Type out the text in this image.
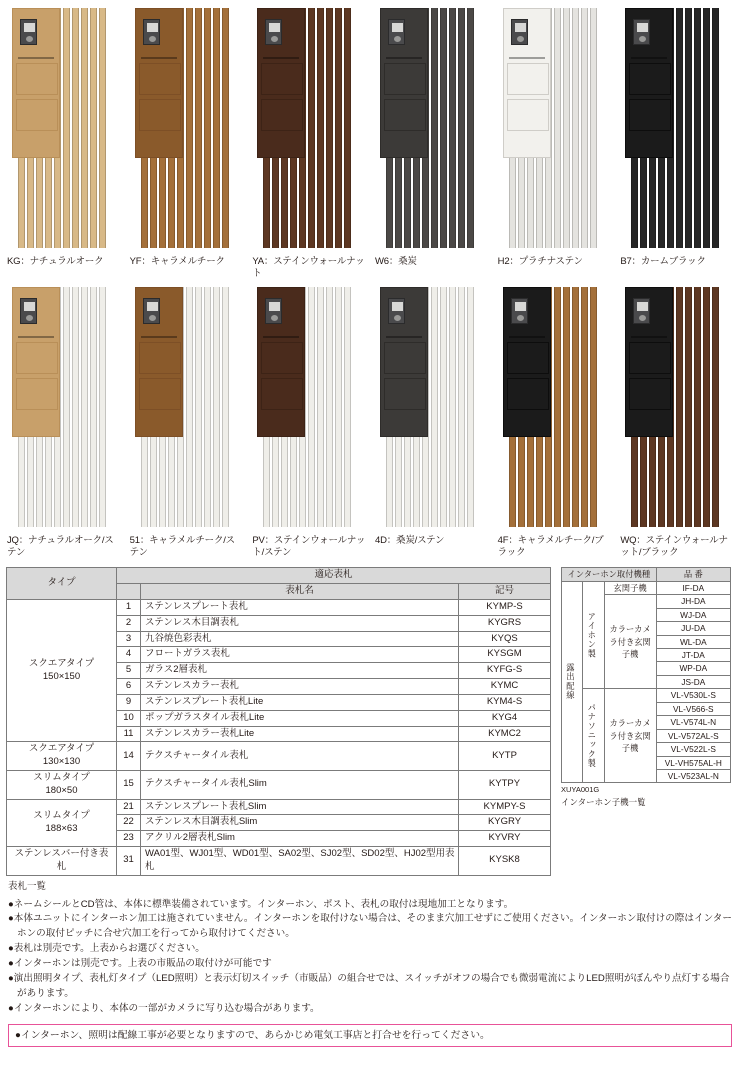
KG：ナチュラルオーク	YF：キャラメルチーク	YA：ステインウォールナット
W6：桑炭	H2：プラチナステン	B7：カームブラック
JQ：ナチュラルオーク/ステン
51：キャラメルチーク/ステン
PV：ステインウォールナット/ステン
4D：桑炭/ステン	4F：キャラメルチーク/ブラック
WQ：ステインウォールナット/ブラック
タイプ	適応表札		
		表札名	記号
スクエアタイプ
150×150	1	ステンレスプレート表札	KYMP-S
	2	ステンレス木目調表札	KYGRS
	3	九谷焼色彩表札	KYQS
	4	フロートガラス表札	KYSGM
	5	ガラス2層表札	KYFG-S
	6	ステンレスカラー表札	KYMC
	9	ステンレスプレート表札Lite	KYM4-S
	10	ポップガラスタイル表札Lite	KYG4
	11	ステンレスカラー表札Lite	KYMC2
スクエアタイプ
130×130	14	テクスチャータイル表札	KYTP
スリムタイプ
180×50	15	テクスチャータイル表札Slim	KYTPY
スリムタイプ
188×63	21	ステンレスプレート表札Slim	KYMPY-S
	22	ステンレス木目調表札Slim	KYGRY
	23	アクリル2層表札Slim	KYVRY
ステンレスバー付き表札	31	WA01型、WJ01型、WD01型、SA02型、SJ02型、SD02型、HJ02型用表札	KYSK8
表札一覧
インターホン取付機種			品 番

露出配線	アイホン製	玄関子機	IF-DA
		カラーカメラ付き玄関子機	JH-DA
			WJ-DA
			JU-DA
			WL-DA
			JT-DA
			WP-DA
			JS-DA

	パナソニック製	カラーカメラ付き玄関子機	VL-V530L-S
			VL-V566-S
			VL-V574L-N
			VL-V572AL-S
			VL-V522L-S
			VL-VH575AL-H
			VL-V523AL-N
XUYA001G
インターホン子機一覧
●ネームシールとCD管は、本体に標準装備されています。インターホン、ポスト、表札の取付は現地加工となります。
●本体ユニットにインターホン加工は施されていません。インターホンを取付けない場合は、そのまま穴加工せずにご使用ください。インターホン取付けの際はインターホンの取付ピッチに合せ穴加工を行ってから取付けてください。
●表札は別売です。上表からお選びください。
●インターホンは別売です。上表の市販品の取付けが可能です
●演出照明タイプ、表札灯タイプ（LED照明）と表示灯切スイッチ（市販品）の組合せでは、スイッチがオフの場合でも微弱電流によりLED照明がぼんやり点灯する場合があります。
●インターホンにより、本体の一部がカメラに写り込む場合があります。
●インターホン、照明は配線工事が必要となりますので、あらかじめ電気工事店と打合せを行ってください。
